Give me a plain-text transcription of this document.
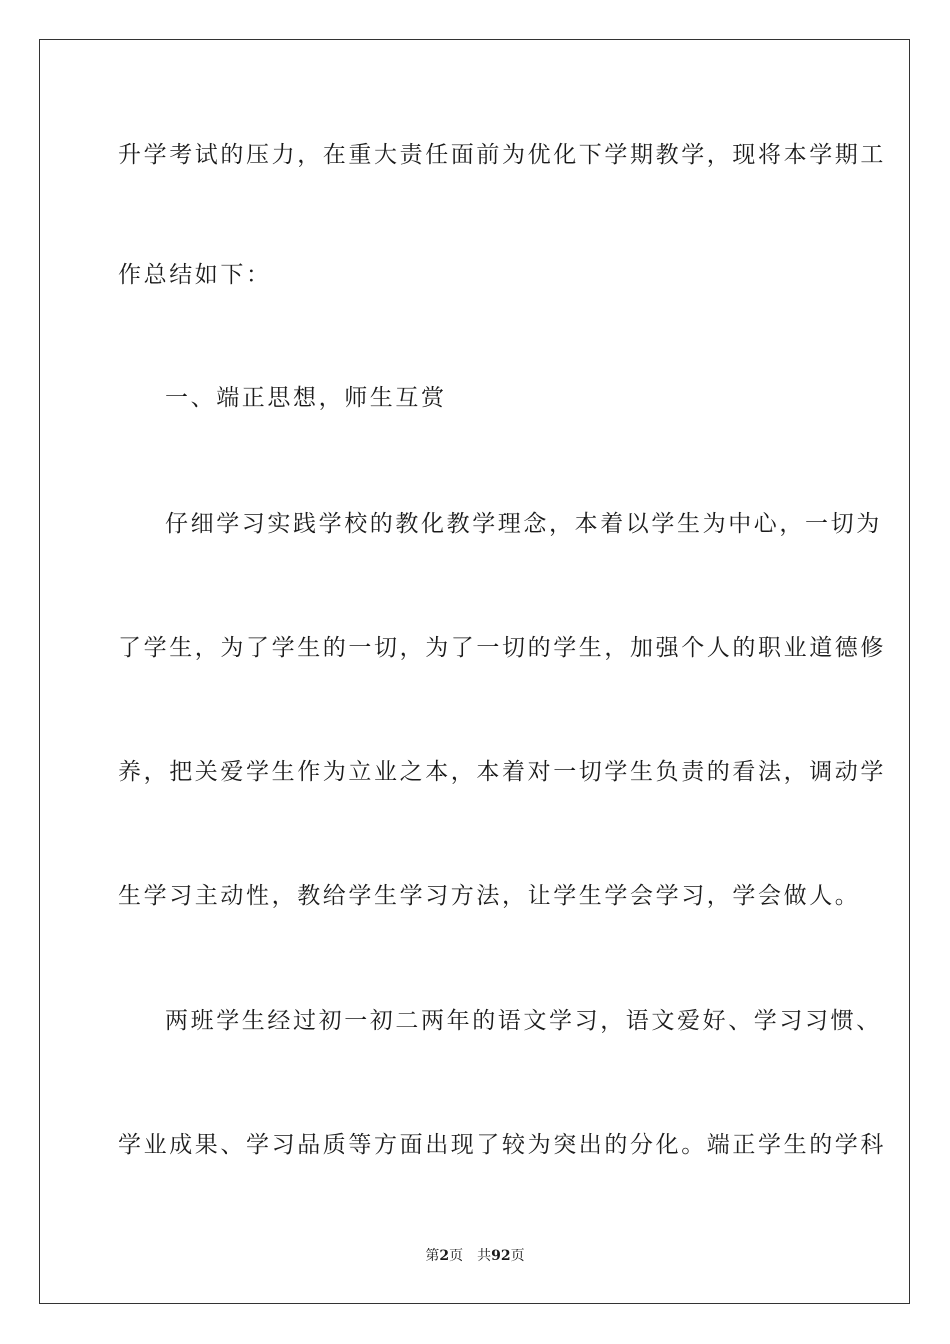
升学考试的压力，在重大责任面前为优化下学期教学，现将本学期工
作总结如下：
一、端正思想，师生互赏
仔细学习实践学校的教化教学理念，本着以学生为中心，一切为
了学生，为了学生的一切，为了一切的学生，加强个人的职业道德修
养，把关爱学生作为立业之本，本着对一切学生负责的看法，调动学
生学习主动性，教给学生学习方法，让学生学会学习，学会做人。
两班学生经过初一初二两年的语文学习，语文爱好、学习习惯、
学业成果、学习品质等方面出现了较为突出的分化。端正学生的学科
第2页 共92页
